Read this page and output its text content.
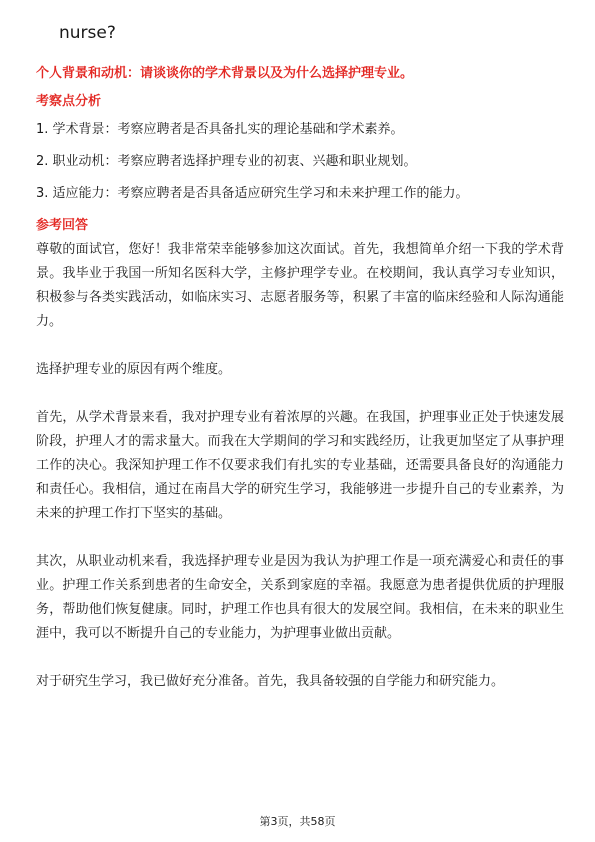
nurse?

个人背景和动机：请谈谈你的学术背景以及为什么选择护理专业。

考察点分析

1. 学术背景：考察应聘者是否具备扎实的理论基础和学术素养。

2. 职业动机：考察应聘者选择护理专业的初衷、兴趣和职业规划。

3. 适应能力：考察应聘者是否具备适应研究生学习和未来护理工作的能力。

参考回答

尊敬的面试官，您好！我非常荣幸能够参加这次面试。首先，我想简单介绍一下我的学术背景。我毕业于我国一所知名医科大学，主修护理学专业。在校期间，我认真学习专业知识，积极参与各类实践活动，如临床实习、志愿者服务等，积累了丰富的临床经验和人际沟通能力。

选择护理专业的原因有两个维度。

首先，从学术背景来看，我对护理专业有着浓厚的兴趣。在我国，护理事业正处于快速发展阶段，护理人才的需求量大。而我在大学期间的学习和实践经历，让我更加坚定了从事护理工作的决心。我深知护理工作不仅要求我们有扎实的专业基础，还需要具备良好的沟通能力和责任心。我相信，通过在南昌大学的研究生学习，我能够进一步提升自己的专业素养，为未来的护理工作打下坚实的基础。

其次，从职业动机来看，我选择护理专业是因为我认为护理工作是一项充满爱心和责任的事业。护理工作关系到患者的生命安全，关系到家庭的幸福。我愿意为患者提供优质的护理服务，帮助他们恢复健康。同时，护理工作也具有很大的发展空间。我相信，在未来的职业生涯中，我可以不断提升自己的专业能力，为护理事业做出贡献。

对于研究生学习，我已做好充分准备。首先，我具备较强的自学能力和研究能力。

第3页，共58页
